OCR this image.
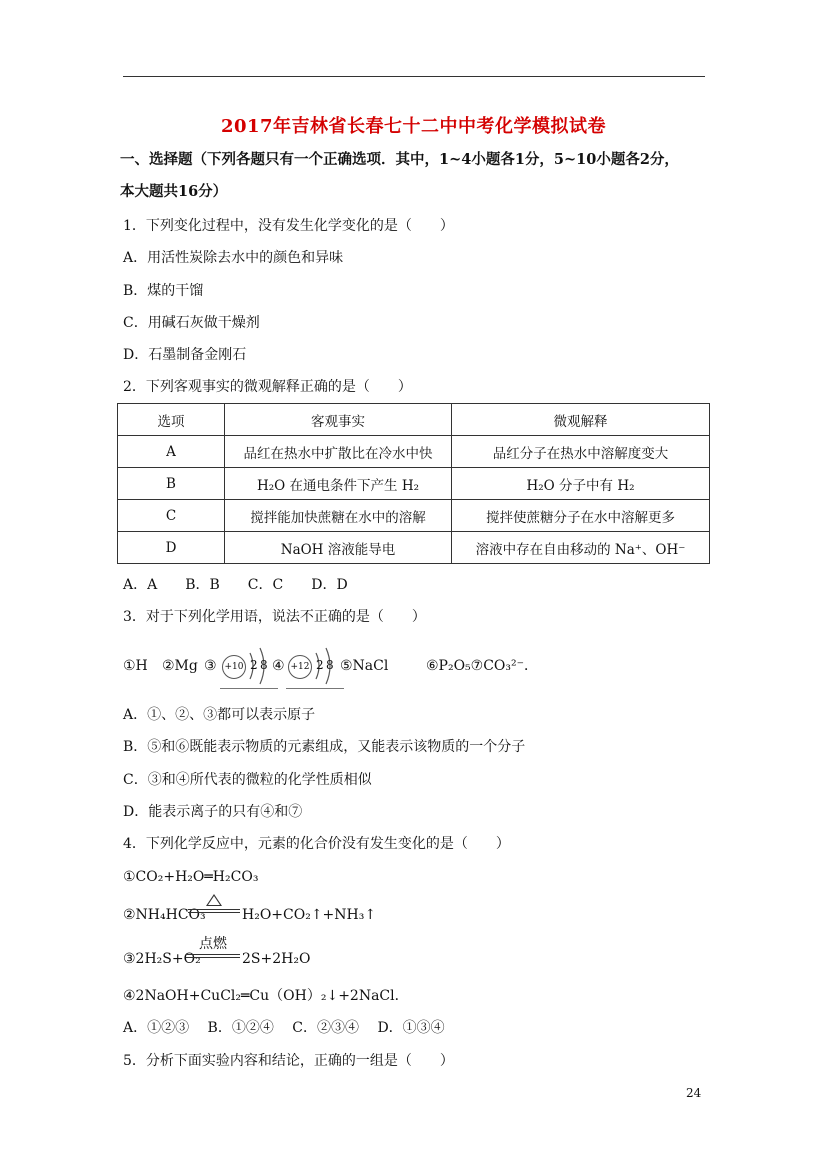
2017年吉林省长春七十二中中考化学模拟试卷
一、选择题（下列各题只有一个正确选项．其中，1~4小题各1分，5~10小题各2分，
本大题共16分）
1．下列变化过程中，没有发生化学变化的是（　　）
A．用活性炭除去水中的颜色和异味
B．煤的干馏
C．用碱石灰做干燥剂
D．石墨制备金刚石
2．下列客观事实的微观解释正确的是（　　）
选项	客观事实	微观解释
A	品红在热水中扩散比在冷水中快	品红分子在热水中溶解度变大
B	H₂O 在通电条件下产生 H₂	H₂O 分子中有 H₂
C	搅拌能加快蔗糖在水中的溶解	搅拌使蔗糖分子在水中溶解更多
D	NaOH 溶液能导电	溶液中存在自由移动的 Na⁺、OH⁻
A．A　　B．B　　C．C　　D．D
3．对于下列化学用语，说法不正确的是（　　）
①H ②Mg ③ +10 2 8 ④ +12 2 8 ⑤NaCl	⑥P₂O₅⑦CO₃²⁻．
A．①、②、③都可以表示原子
B．⑤和⑥既能表示物质的元素组成，又能表示该物质的一个分子
C．③和④所代表的微粒的化学性质相似
D．能表示离子的只有④和⑦
4．下列化学反应中，元素的化合价没有发生变化的是（　　）
①CO₂+H₂O═H₂CO₃
②NH₄HCO₃	H₂O+CO₂↑+NH₃↑
③2H₂S+O₂
点燃
2S+2H₂O
④2NaOH+CuCl₂═Cu（OH）₂↓+2NaCl．
A．①②③　 B．①②④　 C．②③④　 D．①③④
5．分析下面实验内容和结论，正确的一组是（　　）
24
